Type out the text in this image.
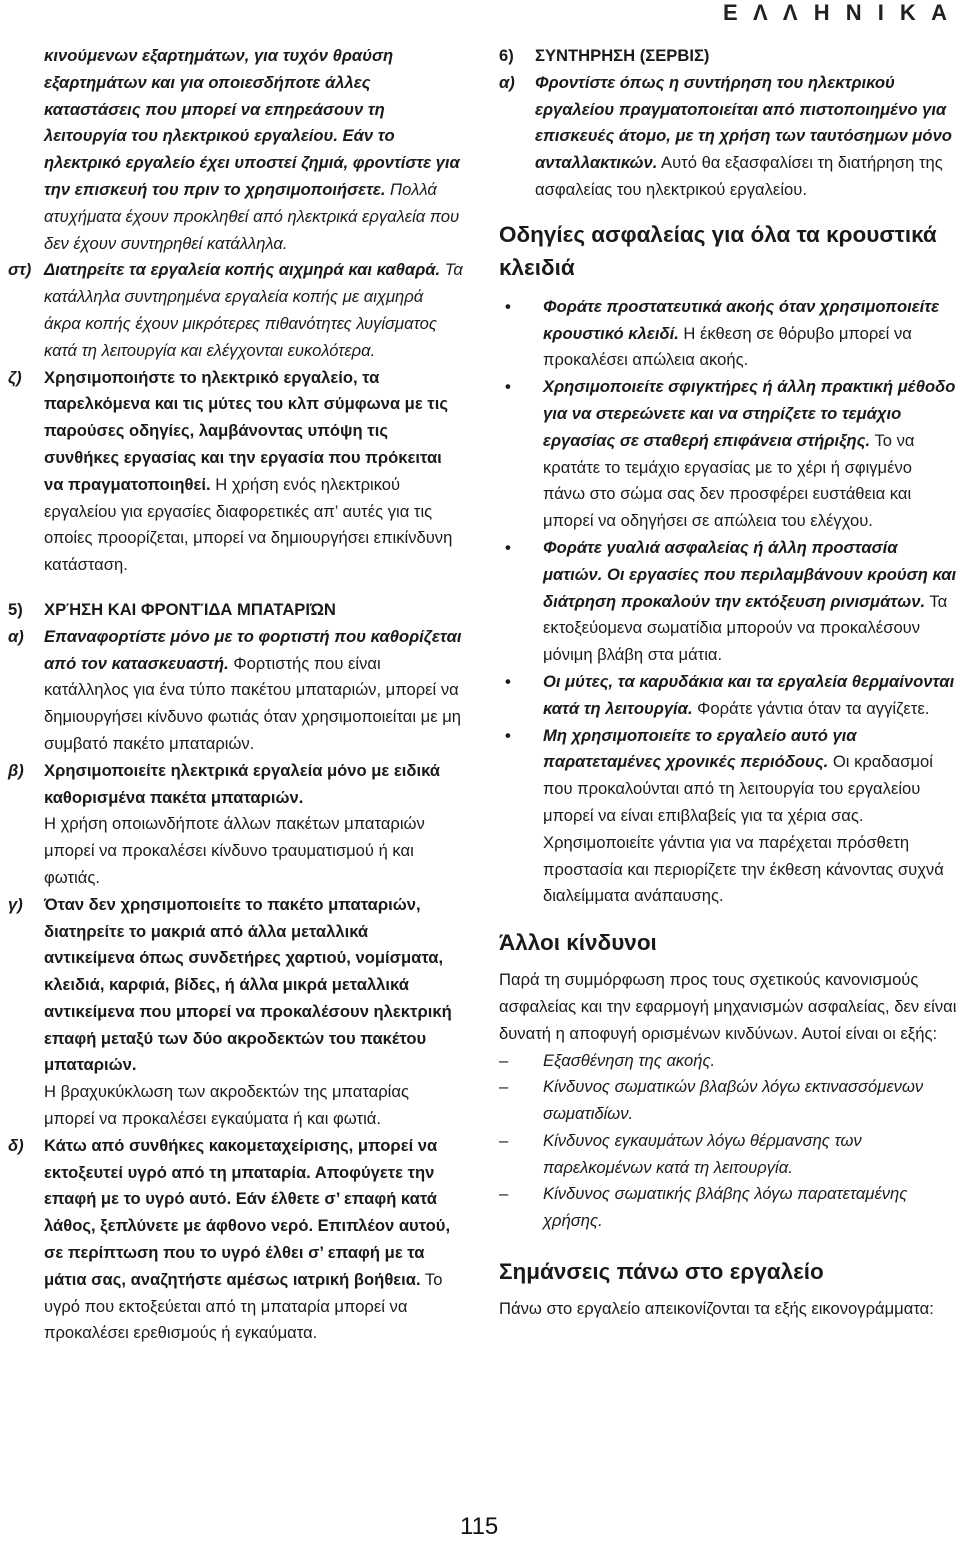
Ε Λ Λ Η Ν Ι Κ Α

κινούμενων εξαρτημάτων, για τυχόν θραύση εξαρτημάτων και για οποιεσδήποτε άλλες καταστάσεις που μπορεί να επηρεάσουν τη λειτουργία του ηλεκτρικού εργαλείου. Εάν το ηλεκτρικό εργαλείο έχει υποστεί ζημιά, φροντίστε για την επισκευή του πριν το χρησιμοποιήσετε. Πολλά ατυχήματα έχουν προκληθεί από ηλεκτρικά εργαλεία που δεν έχουν συντηρηθεί κατάλληλα.

στ) Διατηρείτε τα εργαλεία κοπής αιχμηρά και καθαρά. Τα κατάλληλα συντηρημένα εργαλεία κοπής με αιχμηρά άκρα κοπής έχουν μικρότερες πιθανότητες λυγίσματος κατά τη λειτουργία και ελέγχονται ευκολότερα.
ζ) Χρησιμοποιήστε το ηλεκτρικό εργαλείο, τα παρελκόμενα και τις μύτες του κλπ σύμφωνα με τις παρούσες οδηγίες, λαμβάνοντας υπόψη τις συνθήκες εργασίας και την εργασία που πρόκειται να πραγματοποιηθεί. Η χρήση ενός ηλεκτρικού εργαλείου για εργασίες διαφορετικές απ’ αυτές για τις οποίες προορίζεται, μπορεί να δημιουργήσει επικίνδυνη κατάσταση.
5) ΧΡΉΣΗ ΚΑΙ ΦΡΟΝΤΊΔΑ ΜΠΑΤΑΡΙΏΝ
α) Επαναφορτίστε μόνο με το φορτιστή που καθορίζεται από τον κατασκευαστή. Φορτιστής που είναι κατάλληλος για ένα τύπο πακέτου μπαταριών, μπορεί να δημιουργήσει κίνδυνο φωτιάς όταν χρησιμοποιείται με μη συμβατό πακέτο μπαταριών.
β) Χρησιμοποιείτε ηλεκτρικά εργαλεία μόνο με ειδικά καθορισμένα πακέτα μπαταριών.
Η χρήση οποιωνδήποτε άλλων πακέτων μπαταριών μπορεί να προκαλέσει κίνδυνο τραυματισμού ή και φωτιάς.
γ) Όταν δεν χρησιμοποιείτε το πακέτο μπαταριών, διατηρείτε το μακριά από άλλα μεταλλικά αντικείμενα όπως συνδετήρες χαρτιού, νομίσματα, κλειδιά, καρφιά, βίδες, ή άλλα μικρά μεταλλικά αντικείμενα που μπορεί να προκαλέσουν ηλεκτρική επαφή μεταξύ των δύο ακροδεκτών του πακέτου μπαταριών.
Η βραχυκύκλωση των ακροδεκτών της μπαταρίας μπορεί να προκαλέσει εγκαύματα ή και φωτιά.
δ) Κάτω από συνθήκες κακομεταχείρισης, μπορεί να εκτοξευτεί υγρό από τη μπαταρία. Αποφύγετε την επαφή με το υγρό αυτό. Εάν έλθετε σ’ επαφή κατά λάθος, ξεπλύνετε με άφθονο νερό. Επιπλέον αυτού, σε περίπτωση που το υγρό έλθει σ’ επαφή με τα μάτια σας, αναζητήστε αμέσως ιατρική βοήθεια. Το υγρό που εκτοξεύεται από τη μπαταρία μπορεί να προκαλέσει ερεθισμούς ή εγκαύματα.
6) ΣΥΝΤΗΡΗΣΗ (ΣΕΡΒΙΣ)
α) Φροντίστε όπως η συντήρηση του ηλεκτρικού εργαλείου πραγματοποιείται από πιστοποιημένο για επισκευές άτομο, με τη χρήση των ταυτόσημων μόνο ανταλλακτικών. Αυτό θα εξασφαλίσει τη διατήρηση της ασφαλείας του ηλεκτρικού εργαλείου.
Οδηγίες ασφαλείας για όλα τα κρουστικά κλειδιά
• Φοράτε προστατευτικά ακοής όταν χρησιμοποιείτε κρουστικό κλειδί. Η έκθεση σε θόρυβο μπορεί να προκαλέσει απώλεια ακοής.
• Χρησιμοποιείτε σφιγκτήρες ή άλλη πρακτική μέθοδο για να στερεώνετε και να στηρίζετε το τεμάχιο εργασίας σε σταθερή επιφάνεια στήριξης. Το να κρατάτε το τεμάχιο εργασίας με το χέρι ή σφιγμένο πάνω στο σώμα σας δεν προσφέρει ευστάθεια και μπορεί να οδηγήσει σε απώλεια του ελέγχου.
• Φοράτε γυαλιά ασφαλείας ή άλλη προστασία ματιών. Οι εργασίες που περιλαμβάνουν κρούση και διάτρηση προκαλούν την εκτόξευση ρινισμάτων. Τα εκτοξεύομενα σωματίδια μπορούν να προκαλέσουν μόνιμη βλάβη στα μάτια.
• Οι μύτες, τα καρυδάκια και τα εργαλεία θερμαίνονται κατά τη λειτουργία. Φοράτε γάντια όταν τα αγγίζετε.
• Μη χρησιμοποιείτε το εργαλείο αυτό για παρατεταμένες χρονικές περιόδους. Οι κραδασμοί που προκαλούνται από τη λειτουργία του εργαλείου μπορεί να είναι επιβλαβείς για τα χέρια σας. Χρησιμοποιείτε γάντια για να παρέχεται πρόσθετη προστασία και περιορίζετε την έκθεση κάνοντας συχνά διαλείμματα ανάπαυσης.
Άλλοι κίνδυνοι

Παρά τη συμμόρφωση προς τους σχετικούς κανονισμούς ασφαλείας και την εφαρμογή μηχανισμών ασφαλείας, δεν είναι δυνατή η αποφυγή ορισμένων κινδύνων. Αυτοί είναι οι εξής:

– Εξασθένηση της ακοής.
– Κίνδυνος σωματικών βλαβών λόγω εκτινασσόμενων σωματιδίων.
– Κίνδυνος εγκαυμάτων λόγω θέρμανσης των παρελκομένων κατά τη λειτουργία.
– Κίνδυνος σωματικής βλάβης λόγω παρατεταμένης χρήσης.
Σημάνσεις πάνω στο εργαλείο

Πάνω στο εργαλείο απεικονίζονται τα εξής εικονογράμματα:

115
